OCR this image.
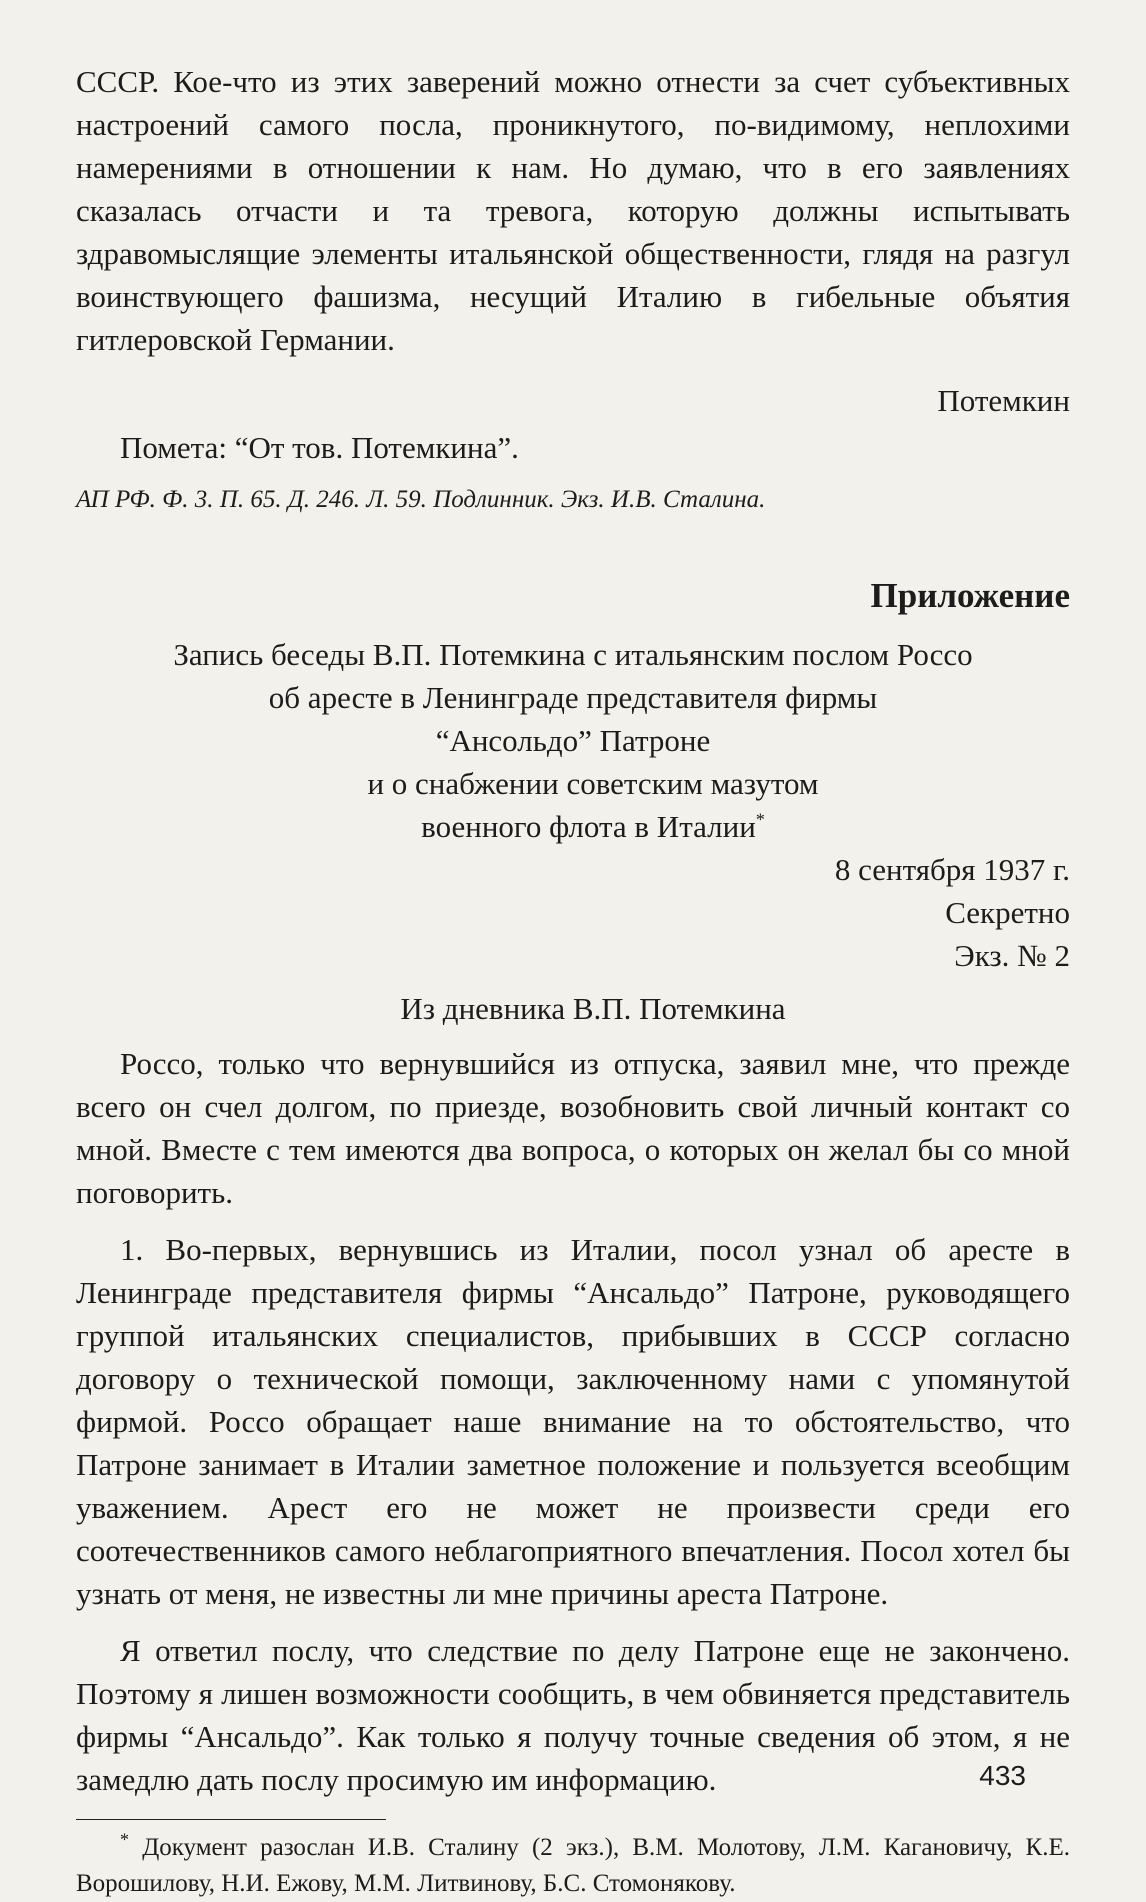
СССР. Кое-что из этих заверений можно отнести за счет субъективных настроений самого посла, проникнутого, по-видимому, неплохими намерениями в отношении к нам. Но думаю, что в его заявлениях сказалась отчасти и та тревога, которую должны испытывать здравомыслящие элементы итальянской общественности, глядя на разгул воинствующего фашизма, несущий Италию в гибельные объятия гитлеровской Германии.

Потемкин

Помета: “От тов. Потемкина”.

АП РФ. Ф. 3. П. 65. Д. 246. Л. 59. Подлинник. Экз. И.В. Сталина.

Приложение

Запись беседы В.П. Потемкина с итальянским послом Россо
об аресте в Ленинграде представителя фирмы
“Ансольдо” Патроне
и о снабжении советским мазутом
военного флота в Италии*

8 сентября 1937 г.

Секретно

Экз. № 2

Из дневника В.П. Потемкина

Россо, только что вернувшийся из отпуска, заявил мне, что прежде всего он счел долгом, по приезде, возобновить свой личный контакт со мной. Вместе с тем имеются два вопроса, о которых он желал бы со мной поговорить.

1. Во-первых, вернувшись из Италии, посол узнал об аресте в Ленинграде представителя фирмы “Ансальдо” Патроне, руководящего группой итальянских специалистов, прибывших в СССР согласно договору о технической помощи, заключенному нами с упомянутой фирмой. Россо обращает наше внимание на то обстоятельство, что Патроне занимает в Италии заметное положение и пользуется всеобщим уважением. Арест его не может не произвести среди его соотечественников самого неблагоприятного впечатления. Посол хотел бы узнать от меня, не известны ли мне причины ареста Патроне.

Я ответил послу, что следствие по делу Патроне еще не закончено. Поэтому я лишен возможности сообщить, в чем обвиняется представитель фирмы “Ансальдо”. Как только я получу точные сведения об этом, я не замедлю дать послу просимую им информацию.

* Документ разослан И.В. Сталину (2 экз.), В.М. Молотову, Л.М. Кагановичу, К.Е. Ворошилову, Н.И. Ежову, М.М. Литвинову, Б.С. Стомонякову.

433
